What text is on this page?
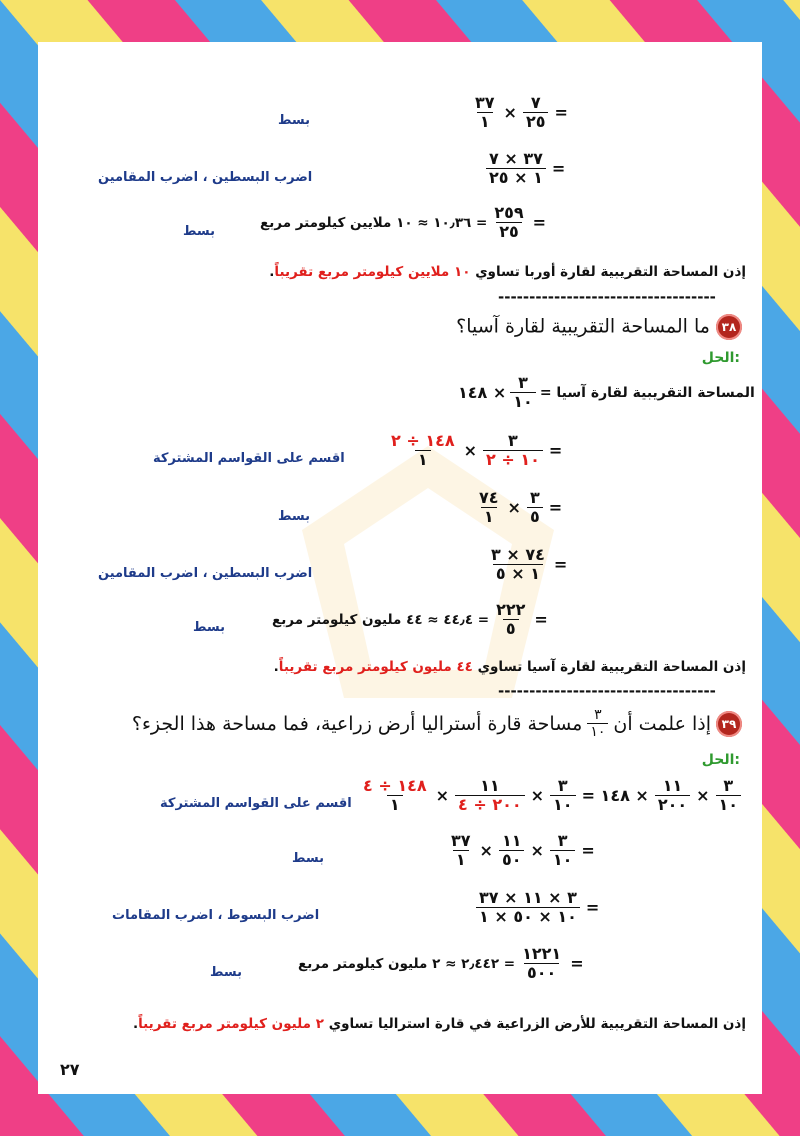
$\frac{٣٧}{١} \times \frac{٧}{٢٥}$ =
بسط
$\frac{٣٧ \times ٧}{١ \times ٢٥}$ =
اضرب البسطين ، اضرب المقامين
=
$\frac{٢٥٩}{٢٥}$
= ١٠٫٣٦ ≈ ١٠ ملايين كيلومتر مربع
بسط
إذن المساحة التقريبية لقارة أوربا تساوي ١٠ ملايين كيلومتر مربع تقريباً.
-----------------------------------
٣٨ ما المساحة التقريبية لقارة آسيا؟
الحل:
المساحة التقريبية لقارة آسيا =
$\frac{٣}{١٠}$
× ١٤٨
$\frac{١٤٨ \div ٢}{١} \times \frac{٣}{١٠ \div ٢}$ =
اقسم على القواسم المشتركة
$\frac{٧٤}{١} \times \frac{٣}{٥}$ =
بسط
$\frac{٧٤ \times ٣}{١ \times ٥}$ =
اضرب البسطين ، اضرب المقامين
=
$\frac{٢٢٢}{٥}$
= ٤٤٫٤ ≈ ٤٤ مليون كيلومتر مربع
بسط
إذن المساحة التقريبية لقارة آسيا تساوي ٤٤ مليون كيلومتر مربع تقريباً.
-----------------------------------
٣٩
إذا علمت أن
$\frac{٣}{١٠}$
مساحة قارة أستراليا أرض زراعية، فما مساحة هذا الجزء؟
الحل:
$\frac{٣}{١٠}$
×
$\frac{١١}{٢٠٠}$
× ١٤٨ =
$\frac{٣}{١٠}$
×
$\frac{١١}{٢٠٠ \div ٤}$
×
$\frac{١٤٨ \div ٤}{١}$
اقسم على القواسم المشتركة
$\frac{٣٧}{١} \times \frac{١١}{٥٠} \times \frac{٣}{١٠}$ =
بسط
$\frac{٣ \times ١١ \times ٣٧}{١٠ \times ٥٠ \times ١}$ =
اضرب البسوط ، اضرب المقامات
=
$\frac{١٢٢١}{٥٠٠}$
= ٢٫٤٤٢ ≈ ٢ مليون كيلومتر مربع
بسط
إذن المساحة التقريبية للأرض الزراعية في قارة استراليا تساوي ٢ مليون كيلومتر مربع تقريباً.
٢٧
